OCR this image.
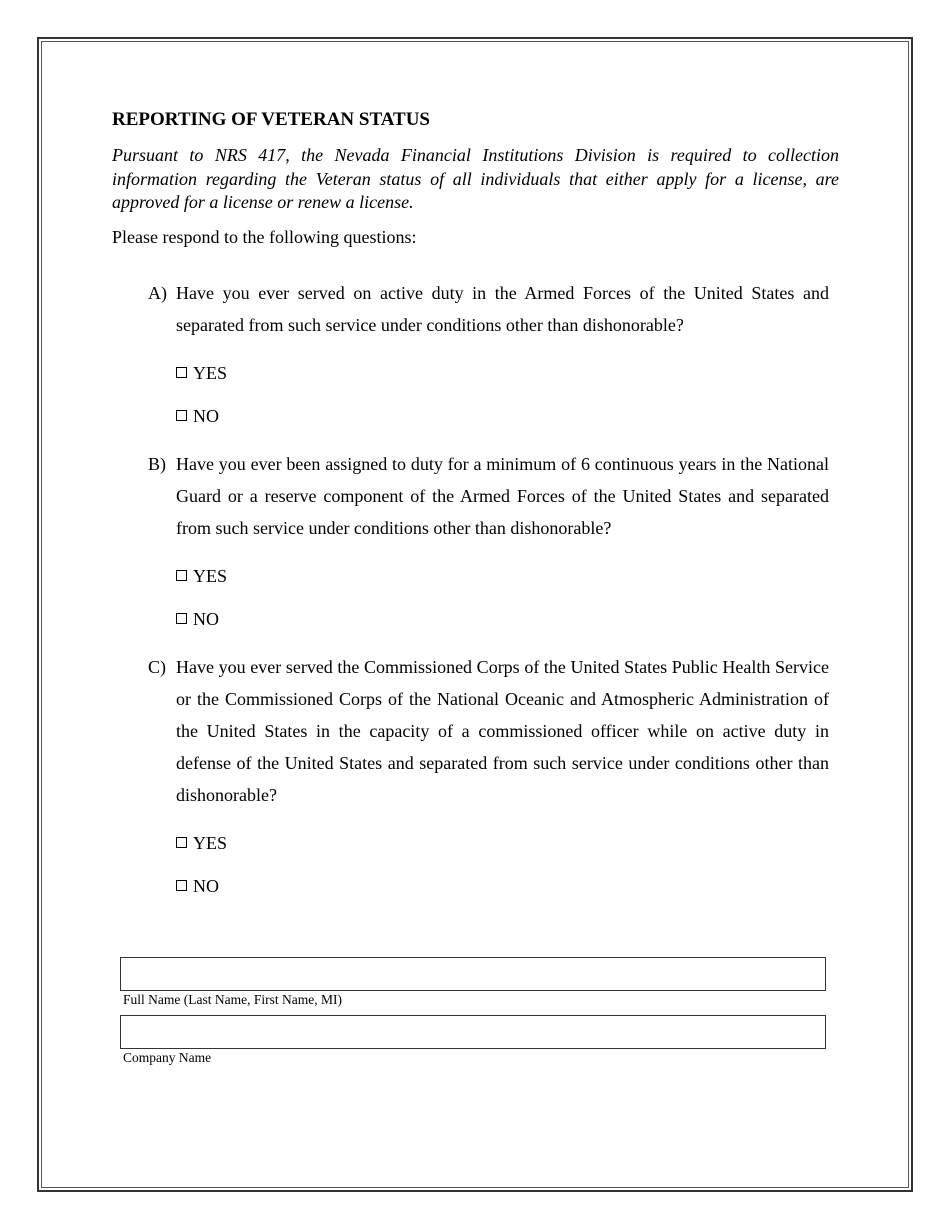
REPORTING OF VETERAN STATUS
Pursuant to NRS 417, the Nevada Financial Institutions Division is required to collection information regarding the Veteran status of all individuals that either apply for a license, are approved for a license or renew a license.
Please respond to the following questions:
A) Have you ever served on active duty in the Armed Forces of the United States and separated from such service under conditions other than dishonorable?
YES
NO
B) Have you ever been assigned to duty for a minimum of 6 continuous years in the National Guard or a reserve component of the Armed Forces of the United States and separated from such service under conditions other than dishonorable?
YES
NO
C) Have you ever served the Commissioned Corps of the United States Public Health Service or the Commissioned Corps of the National Oceanic and Atmospheric Administration of the United States in the capacity of a commissioned officer while on active duty in defense of the United States and separated from such service under conditions other than dishonorable?
YES
NO
Full Name (Last Name, First Name, MI)
Company Name
